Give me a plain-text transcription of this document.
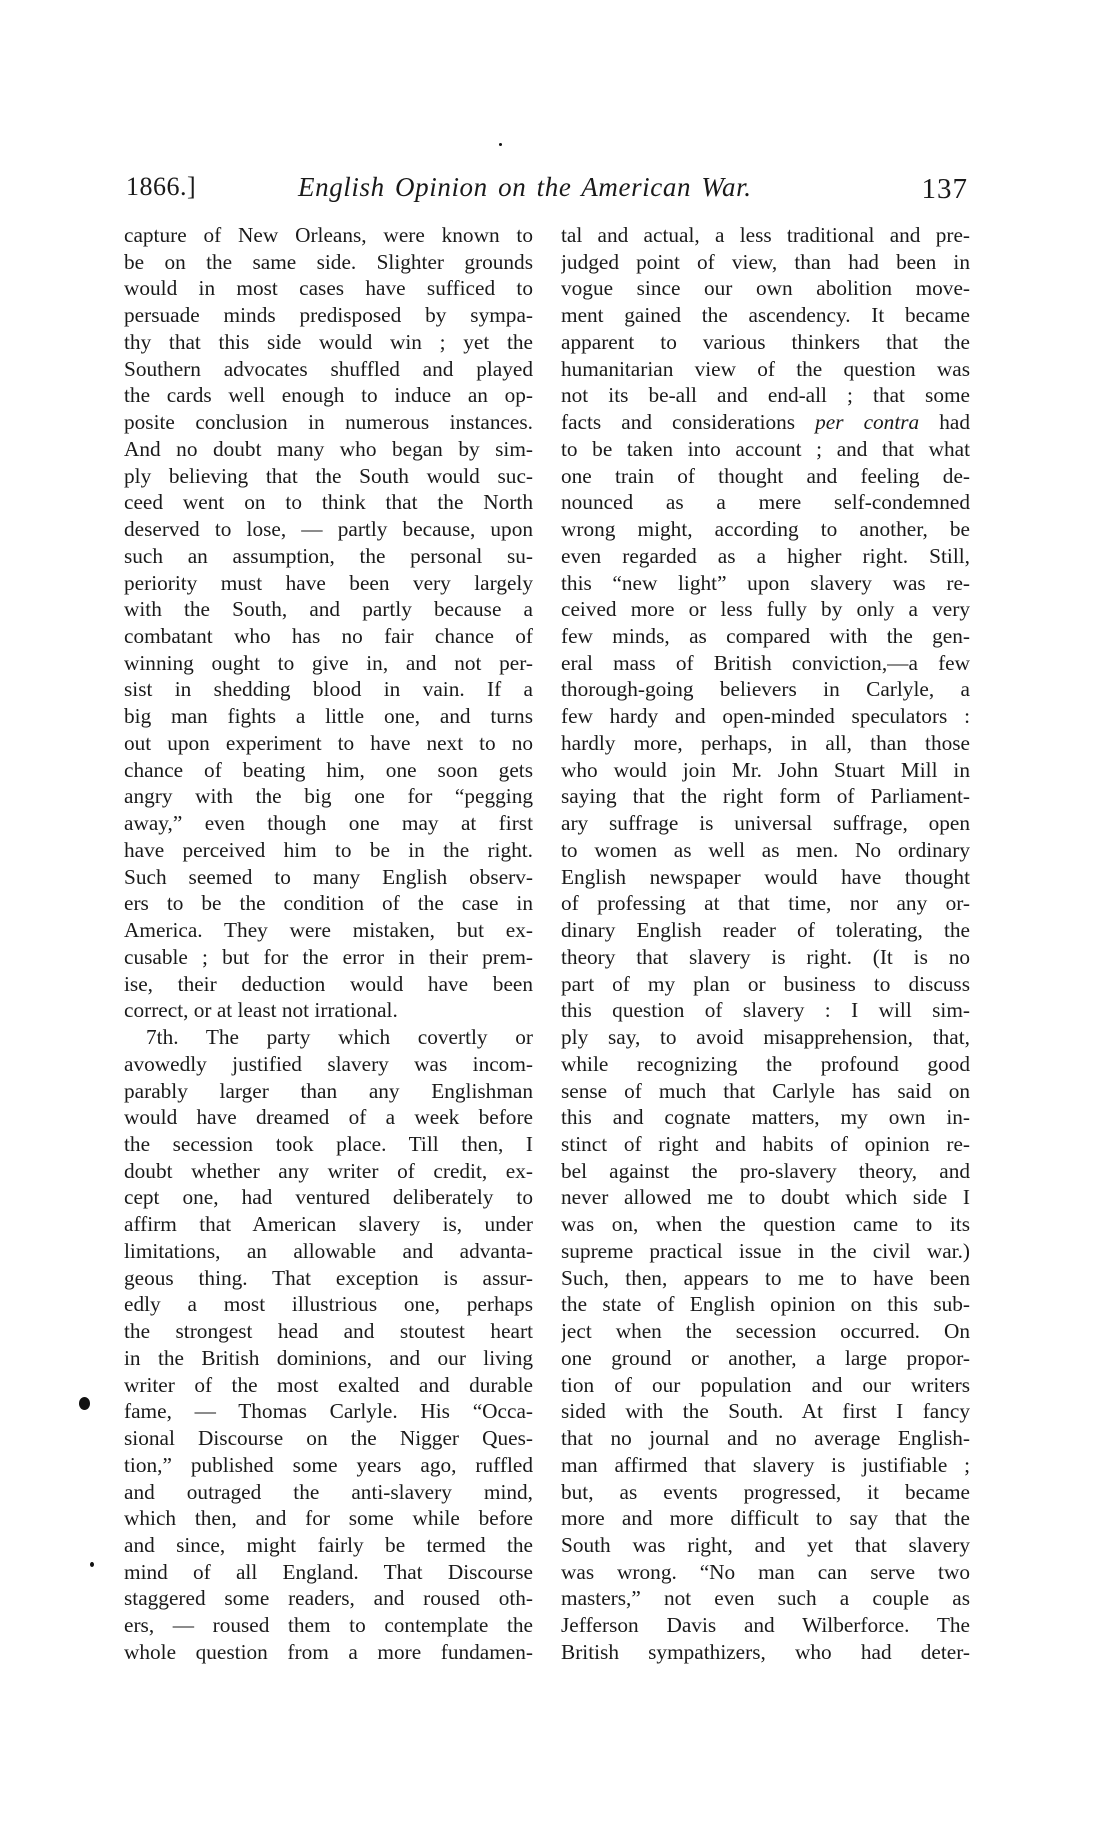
1866.]	English Opinion on the American War.	137
capture of New Orleans, were known to
be on the same side. Slighter grounds
would in most cases have sufficed to
persuade minds predisposed by sympa-
thy that this side would win ; yet the
Southern advocates shuffled and played
the cards well enough to induce an op-
posite conclusion in numerous instances.
And no doubt many who began by sim-
ply believing that the South would suc-
ceed went on to think that the North
deserved to lose, — partly because, upon
such an assumption, the personal su-
periority must have been very largely
with the South, and partly because a
combatant who has no fair chance of
winning ought to give in, and not per-
sist in shedding blood in vain. If a
big man fights a little one, and turns
out upon experiment to have next to no
chance of beating him, one soon gets
angry with the big one for “pegging
away,” even though one may at first
have perceived him to be in the right.
Such seemed to many English observ-
ers to be the condition of the case in
America. They were mistaken, but ex-
cusable ; but for the error in their prem-
ise, their deduction would have been
correct, or at least not irrational.
7th. The party which covertly or
avowedly justified slavery was incom-
parably larger than any Englishman
would have dreamed of a week before
the secession took place. Till then, I
doubt whether any writer of credit, ex-
cept one, had ventured deliberately to
affirm that American slavery is, under
limitations, an allowable and advanta-
geous thing. That exception is assur-
edly a most illustrious one, perhaps
the strongest head and stoutest heart
in the British dominions, and our living
writer of the most exalted and durable
fame, — Thomas Carlyle. His “Occa-
sional Discourse on the Nigger Ques-
tion,” published some years ago, ruffled
and outraged the anti-slavery mind,
which then, and for some while before
and since, might fairly be termed the
mind of all England. That Discourse
staggered some readers, and roused oth-
ers, — roused them to contemplate the
whole question from a more fundamen-
tal and actual, a less traditional and pre-
judged point of view, than had been in
vogue since our own abolition move-
ment gained the ascendency. It became
apparent to various thinkers that the
humanitarian view of the question was
not its be-all and end-all ; that some
facts and considerations per contra had
to be taken into account ; and that what
one train of thought and feeling de-
nounced as a mere self-condemned
wrong might, according to another, be
even regarded as a higher right. Still,
this “new light” upon slavery was re-
ceived more or less fully by only a very
few minds, as compared with the gen-
eral mass of British conviction,—a few
thorough-going believers in Carlyle, a
few hardy and open-minded speculators :
hardly more, perhaps, in all, than those
who would join Mr. John Stuart Mill in
saying that the right form of Parliament-
ary suffrage is universal suffrage, open
to women as well as men. No ordinary
English newspaper would have thought
of professing at that time, nor any or-
dinary English reader of tolerating, the
theory that slavery is right. (It is no
part of my plan or business to discuss
this question of slavery : I will sim-
ply say, to avoid misapprehension, that,
while recognizing the profound good
sense of much that Carlyle has said on
this and cognate matters, my own in-
stinct of right and habits of opinion re-
bel against the pro-slavery theory, and
never allowed me to doubt which side I
was on, when the question came to its
supreme practical issue in the civil war.)
Such, then, appears to me to have been
the state of English opinion on this sub-
ject when the secession occurred. On
one ground or another, a large propor-
tion of our population and our writers
sided with the South. At first I fancy
that no journal and no average English-
man affirmed that slavery is justifiable ;
but, as events progressed, it became
more and more difficult to say that the
South was right, and yet that slavery
was wrong. “No man can serve two
masters,” not even such a couple as
Jefferson Davis and Wilberforce. The
British sympathizers, who had deter-
